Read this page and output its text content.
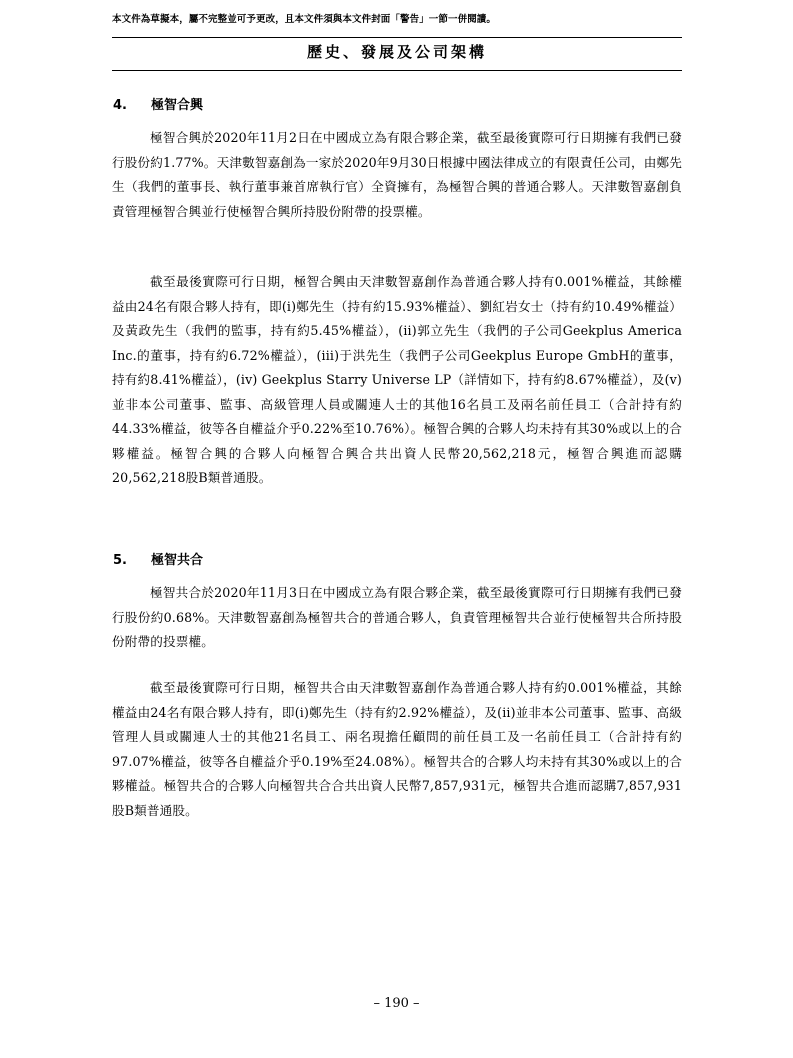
本文件為草擬本，屬不完整並可予更改，且本文件須與本文件封面「警告」一節一併閱讀。
歷史、發展及公司架構
4. 極智合興

極智合興於2020年11月2日在中國成立為有限合夥企業，截至最後實際可行日期擁有我們已發行股份約1.77%。天津數智嘉創為一家於2020年9月30日根據中國法律成立的有限責任公司，由鄭先生（我們的董事長、執行董事兼首席執行官）全資擁有，為極智合興的普通合夥人。天津數智嘉創負責管理極智合興並行使極智合興所持股份附帶的投票權。

截至最後實際可行日期，極智合興由天津數智嘉創作為普通合夥人持有0.001%權益，其餘權益由24名有限合夥人持有，即(i)鄭先生（持有約15.93%權益）、劉紅岩女士（持有約10.49%權益）及黃政先生（我們的監事，持有約5.45%權益），(ii)郭立先生（我們的子公司Geekplus America Inc.的董事，持有約6.72%權益），(iii)于洪先生（我們子公司Geekplus Europe GmbH的董事，持有約8.41%權益），(iv) Geekplus Starry Universe LP（詳情如下，持有約8.67%權益），及(v)並非本公司董事、監事、高級管理人員或關連人士的其他16名員工及兩名前任員工（合計持有約44.33%權益，彼等各自權益介乎0.22%至10.76%）。極智合興的合夥人均未持有其30%或以上的合夥權益。極智合興的合夥人向極智合興合共出資人民幣20,562,218元，極智合興進而認購20,562,218股B類普通股。

5. 極智共合

極智共合於2020年11月3日在中國成立為有限合夥企業，截至最後實際可行日期擁有我們已發行股份約0.68%。天津數智嘉創為極智共合的普通合夥人，負責管理極智共合並行使極智共合所持股份附帶的投票權。

截至最後實際可行日期，極智共合由天津數智嘉創作為普通合夥人持有約0.001%權益，其餘權益由24名有限合夥人持有，即(i)鄭先生（持有約2.92%權益），及(ii)並非本公司董事、監事、高級管理人員或關連人士的其他21名員工、兩名現擔任顧問的前任員工及一名前任員工（合計持有約97.07%權益，彼等各自權益介乎0.19%至24.08%）。極智共合的合夥人均未持有其30%或以上的合夥權益。極智共合的合夥人向極智共合合共出資人民幣7,857,931元，極智共合進而認購7,857,931股B類普通股。

– 190 –
